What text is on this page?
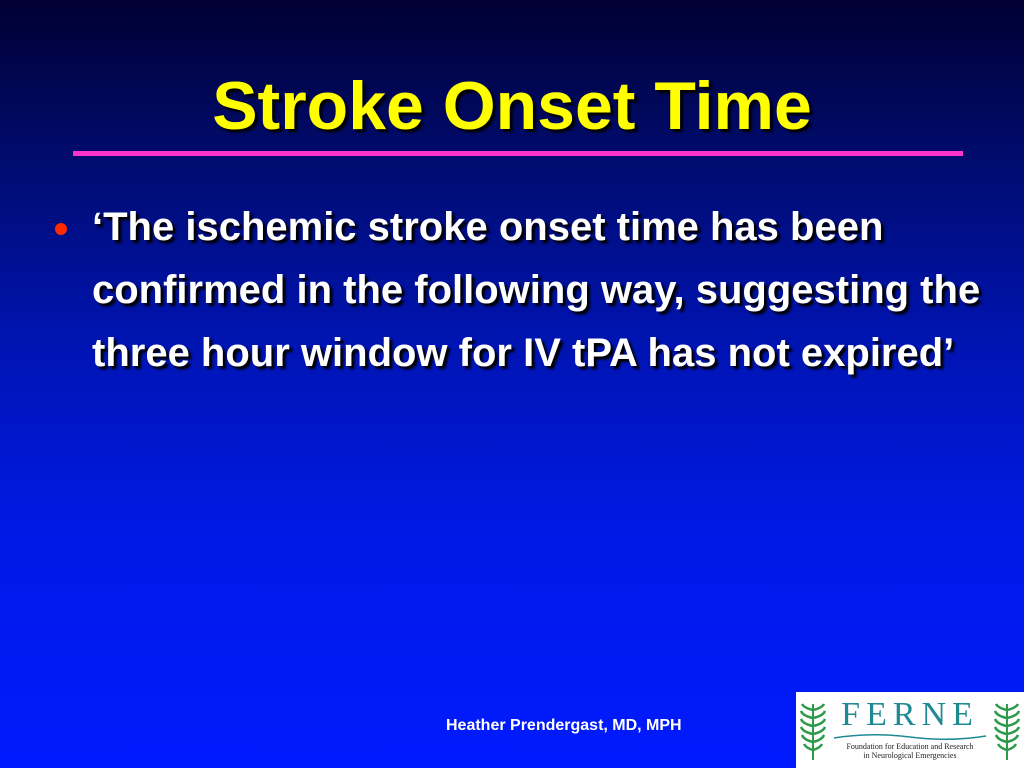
Stroke Onset Time
‘The ischemic stroke onset time has been confirmed in the following way, suggesting the three hour window for IV tPA has not expired’
Heather Prendergast, MD, MPH	FERNE
Foundation for Education and Research
in Neurological Emergencies
